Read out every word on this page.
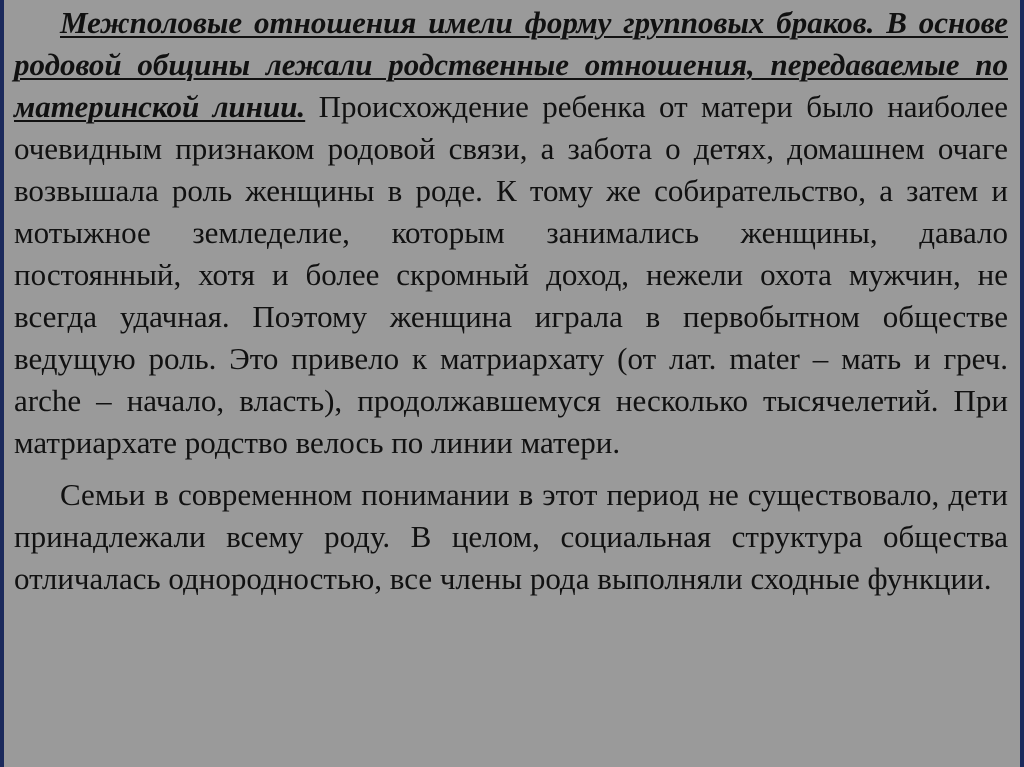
Межполовые отношения имели форму групповых браков. В основе родовой общины лежали родственные отношения, передаваемые по материнской линии. Происхождение ребенка от матери было наиболее очевидным признаком родовой связи, а забота о детях, домашнем очаге возвышала роль женщины в роде. К тому же собирательство, а затем и мотыжное земледелие, которым занимались женщины, давало постоянный, хотя и более скромный доход, нежели охота мужчин, не всегда удачная. Поэтому женщина играла в первобытном обществе ведущую роль. Это привело к матриархату (от лат. mater – мать и греч. arche – начало, власть), продолжавшемуся несколько тысячелетий. При матриархате родство велось по линии матери.

Семьи в современном понимании в этот период не существовало, дети принадлежали всему роду. В целом, социальная структура общества отличалась однородностью, все члены рода выполняли сходные функции.
